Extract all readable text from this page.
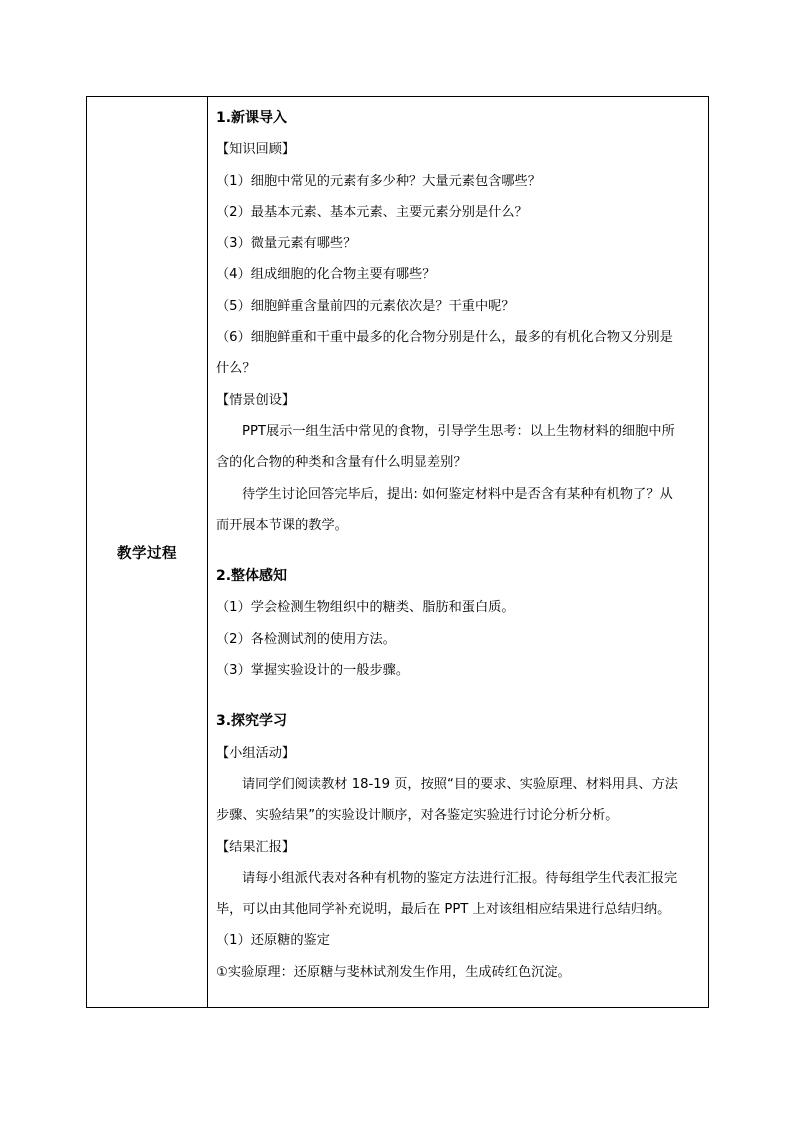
教学过程	
1.新课导入
【知识回顾】
（1）细胞中常见的元素有多少种？大量元素包含哪些？
（2）最基本元素、基本元素、主要元素分别是什么？
（3）微量元素有哪些？
（4）组成细胞的化合物主要有哪些？
（5）细胞鲜重含量前四的元素依次是？干重中呢？
（6）细胞鲜重和干重中最多的化合物分别是什么，最多的有机化合物又分别是
什么？
【情景创设】
PPT展示一组生活中常见的食物，引导学生思考：以上生物材料的细胞中所
含的化合物的种类和含量有什么明显差别？
待学生讨论回答完毕后，提出: 如何鉴定材料中是否含有某种有机物了？从
而开展本节课的教学。
2.整体感知
（1）学会检测生物组织中的糖类、脂肪和蛋白质。
（2）各检测试剂的使用方法。
（3）掌握实验设计的一般步骤。
3.探究学习
【小组活动】
请同学们阅读教材 18-19 页，按照“目的要求、实验原理、材料用具、方法
步骤、实验结果”的实验设计顺序，对各鉴定实验进行讨论分析分析。
【结果汇报】
请每小组派代表对各种有机物的鉴定方法进行汇报。待每组学生代表汇报完
毕，可以由其他同学补充说明，最后在 PPT 上对该组相应结果进行总结归纳。
（1）还原糖的鉴定
①实验原理：还原糖与斐林试剂发生作用，生成砖红色沉淀。
